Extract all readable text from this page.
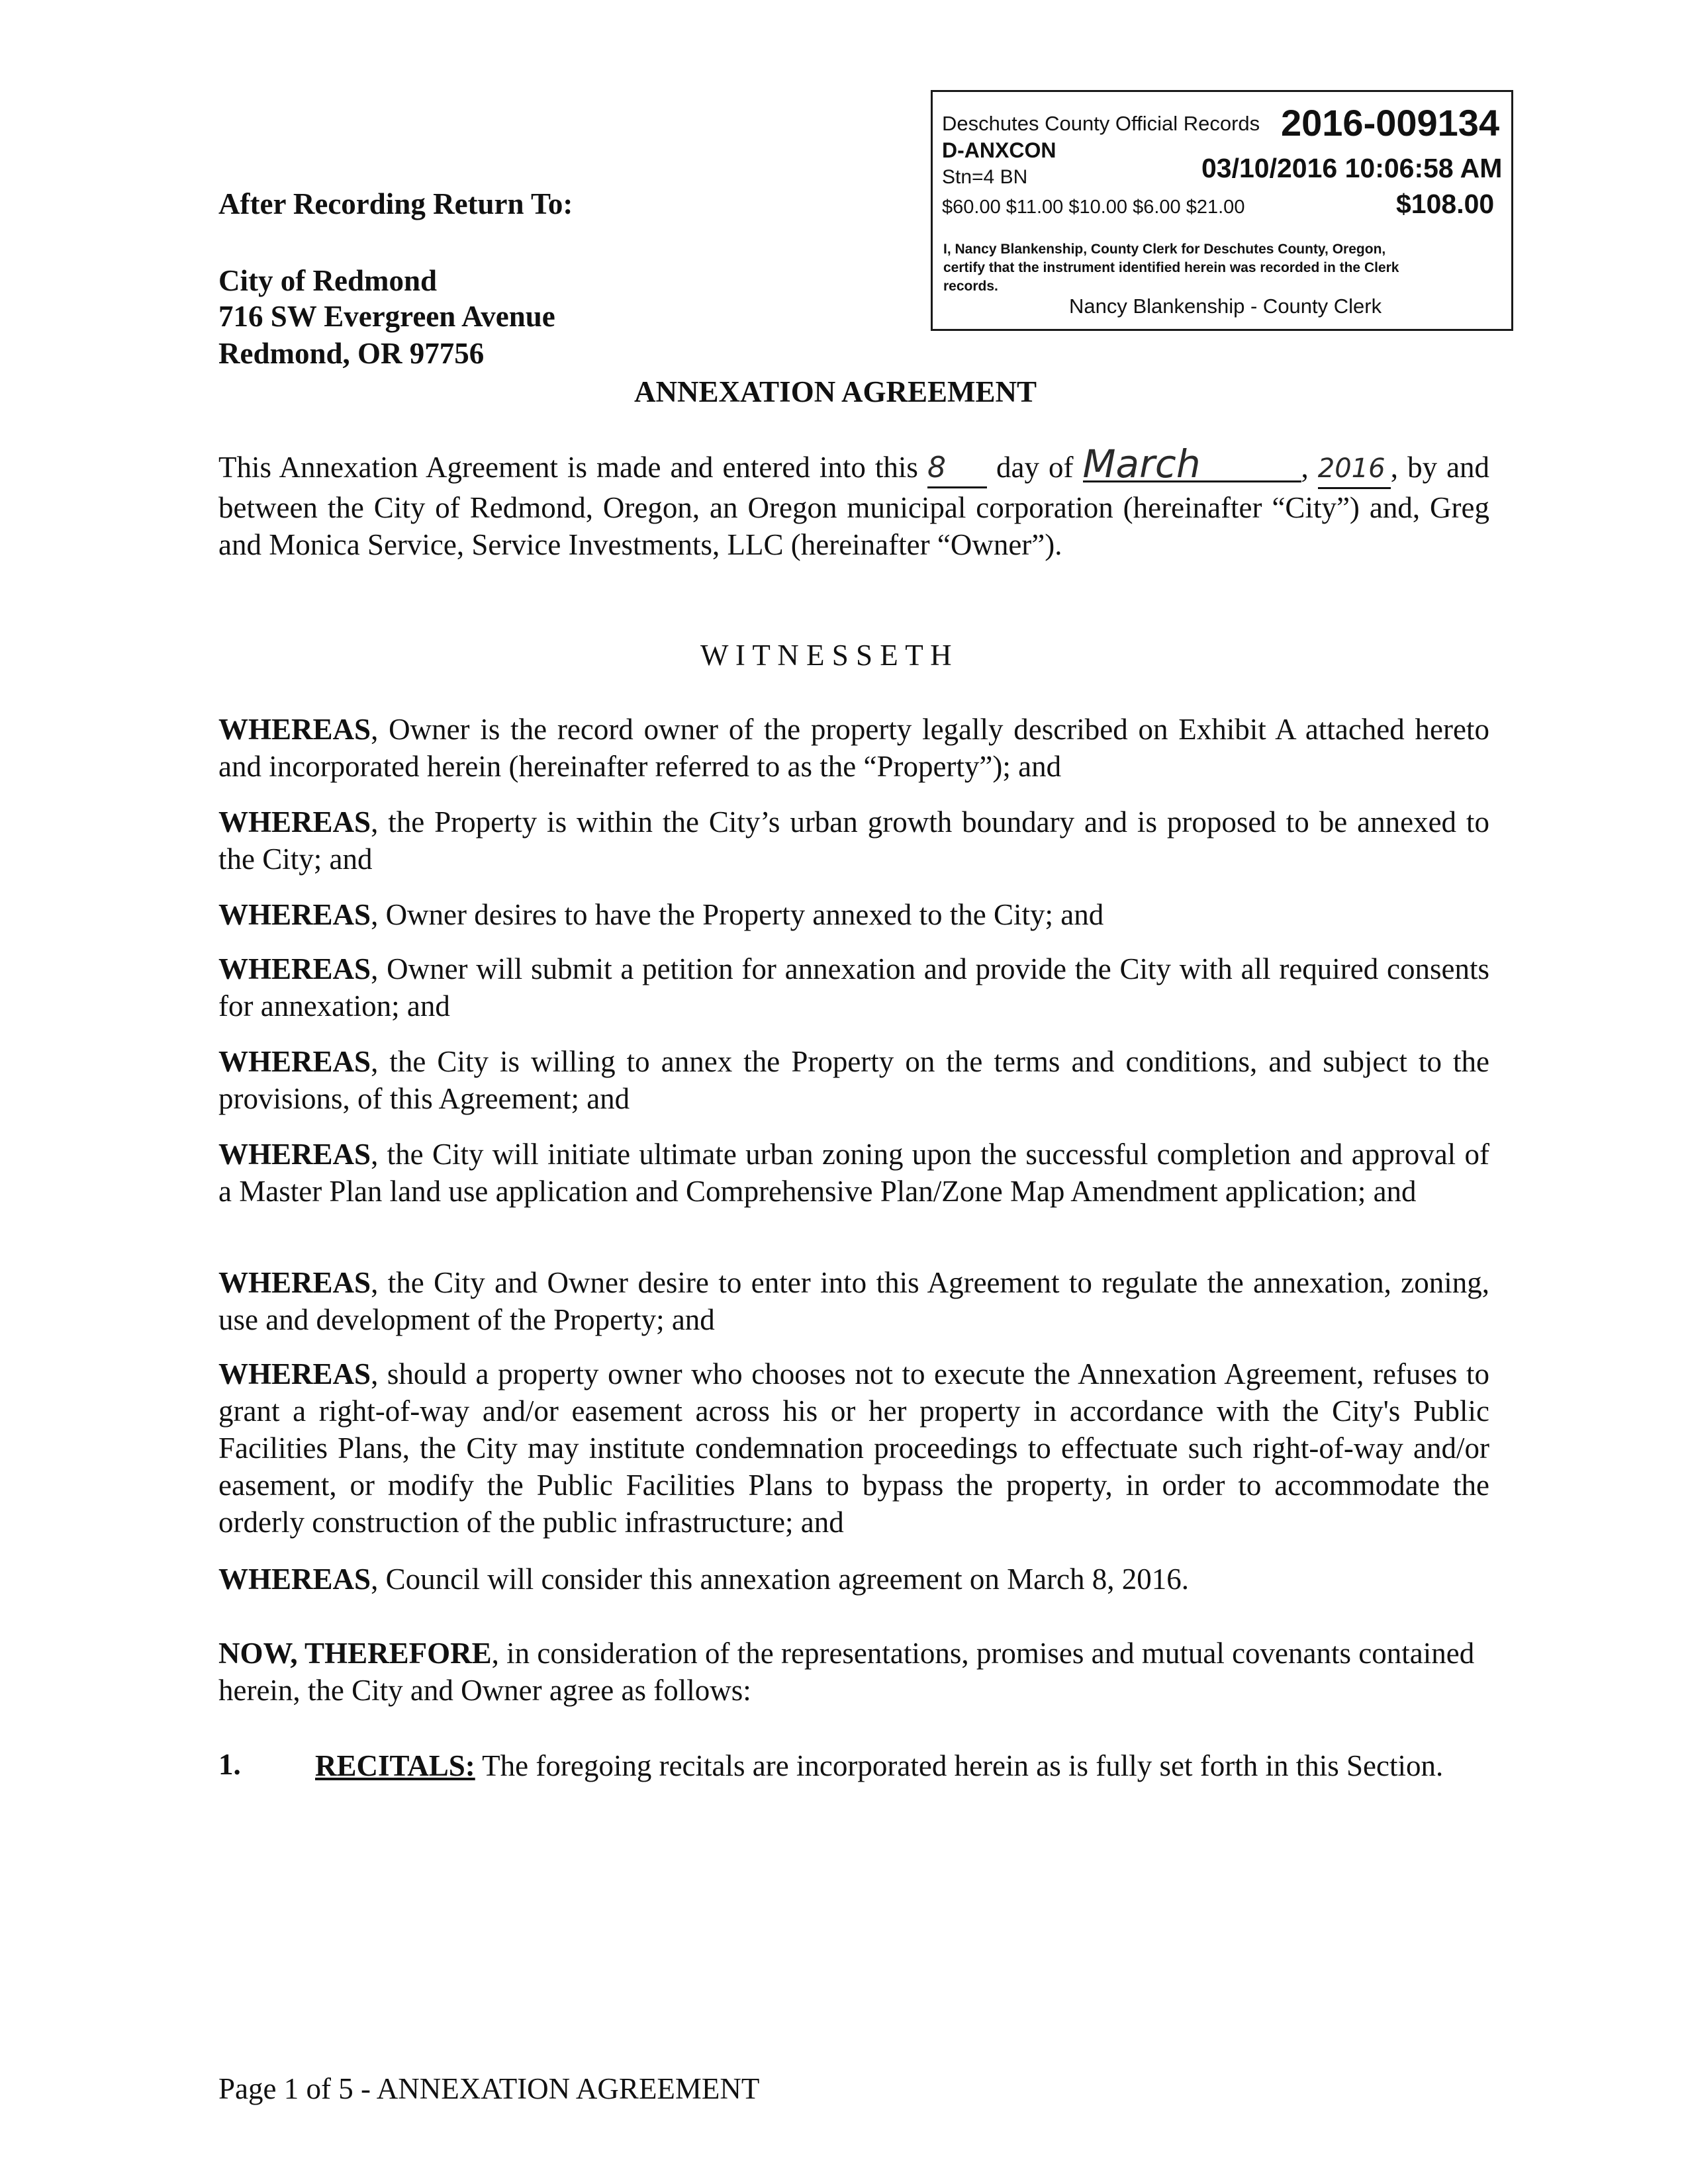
Deschutes County Official Records 2016-009134
D-ANXCON
Stn=4 BN	03/10/2016 10:06:58 AM
$60.00 $11.00 $10.00 $6.00 $21.00	$108.00
I, Nancy Blankenship, County Clerk for Deschutes County, Oregon,
certify that the instrument identified herein was recorded in the Clerk
records.
Nancy Blankenship - County Clerk
After Recording Return To:
City of Redmond
716 SW Evergreen Avenue
Redmond, OR 97756
ANNEXATION AGREEMENT
This Annexation Agreement is made and entered into this 8 day of March	, 2016 , by and between the City of Redmond, Oregon, an Oregon municipal corporation (hereinafter “City”) and, Greg and Monica Service, Service Investments, LLC (hereinafter “Owner”).
W I T N E S S E T H
WHEREAS, Owner is the record owner of the property legally described on Exhibit A attached hereto and incorporated herein (hereinafter referred to as the “Property”); and
WHEREAS, the Property is within the City’s urban growth boundary and is proposed to be annexed to the City; and
WHEREAS, Owner desires to have the Property annexed to the City; and
WHEREAS, Owner will submit a petition for annexation and provide the City with all required consents for annexation; and
WHEREAS, the City is willing to annex the Property on the terms and conditions, and subject to the provisions, of this Agreement; and
WHEREAS, the City will initiate ultimate urban zoning upon the successful completion and approval of a Master Plan land use application and Comprehensive Plan/Zone Map Amendment application; and
WHEREAS, the City and Owner desire to enter into this Agreement to regulate the annexation, zoning, use and development of the Property; and
WHEREAS, should a property owner who chooses not to execute the Annexation Agreement, refuses to grant a right-of-way and/or easement across his or her property in accordance with the City's Public Facilities Plans, the City may institute condemnation proceedings to effectuate such right-of-way and/or easement, or modify the Public Facilities Plans to bypass the property, in order to accommodate the orderly construction of the public infrastructure; and
WHEREAS, Council will consider this annexation agreement on March 8, 2016.
NOW, THEREFORE, in consideration of the representations, promises and mutual covenants contained herein, the City and Owner agree as follows:
1. RECITALS: The foregoing recitals are incorporated herein as is fully set forth in this Section.
Page 1 of 5 - ANNEXATION AGREEMENT
